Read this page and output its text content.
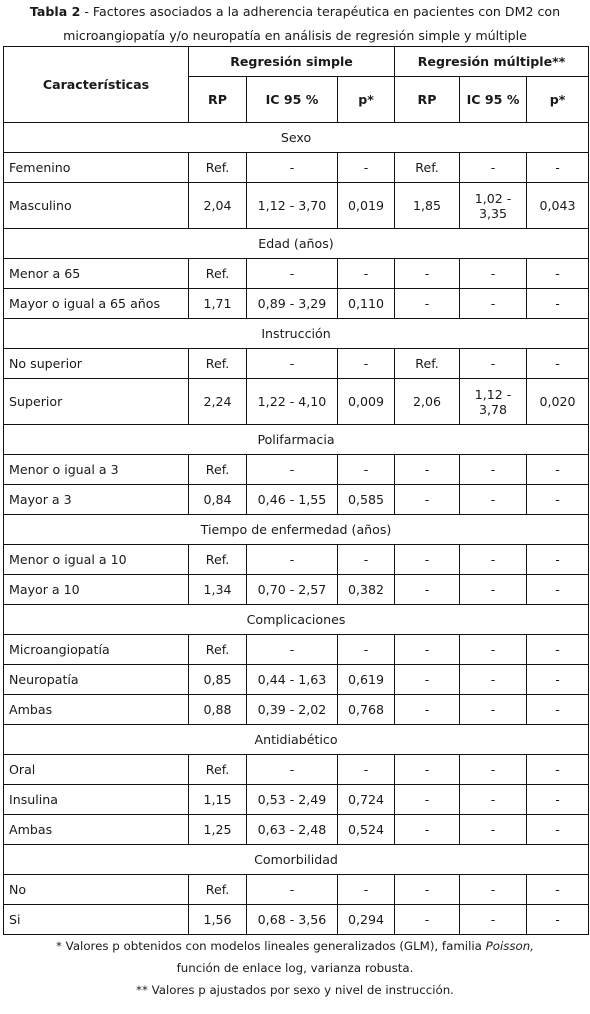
Tabla 2 - Factores asociados a la adherencia terapéutica en pacientes con DM2 con microangiopatía y/o neuropatía en análisis de regresión simple y múltiple
Características	Regresión simple			Regresión múltiple**		
	RP	IC 95 %	p*	RP	IC 95 %	p*
Sexo						
Femenino	Ref.	-	-	Ref.	-	-
Masculino	2,04	1,12 - 3,70	0,019	1,85	1,02 - 3,35	0,043
Edad (años)						
Menor a 65	Ref.	-	-	-	-	-
Mayor o igual a 65 años	1,71	0,89 - 3,29	0,110	-	-	-
Instrucción						
No superior	Ref.	-	-	Ref.	-	-
Superior	2,24	1,22 - 4,10	0,009	2,06	1,12 - 3,78	0,020
Polifarmacia						
Menor o igual a 3	Ref.	-	-	-	-	-
Mayor a 3	0,84	0,46 - 1,55	0,585	-	-	-
Tiempo de enfermedad (años)						
Menor o igual a 10	Ref.	-	-	-	-	-
Mayor a 10	1,34	0,70 - 2,57	0,382	-	-	-
Complicaciones						
Microangiopatía	Ref.	-	-	-	-	-
Neuropatía	0,85	0,44 - 1,63	0,619	-	-	-
Ambas	0,88	0,39 - 2,02	0,768	-	-	-
Antidiabético						
Oral	Ref.	-	-	-	-	-
Insulina	1,15	0,53 - 2,49	0,724	-	-	-
Ambas	1,25	0,63 - 2,48	0,524	-	-	-
Comorbilidad						
No	Ref.	-	-	-	-	-
Si	1,56	0,68 - 3,56	0,294	-	-	-
* Valores p obtenidos con modelos lineales generalizados (GLM), familia Poisson,
función de enlace log, varianza robusta.
** Valores p ajustados por sexo y nivel de instrucción.
